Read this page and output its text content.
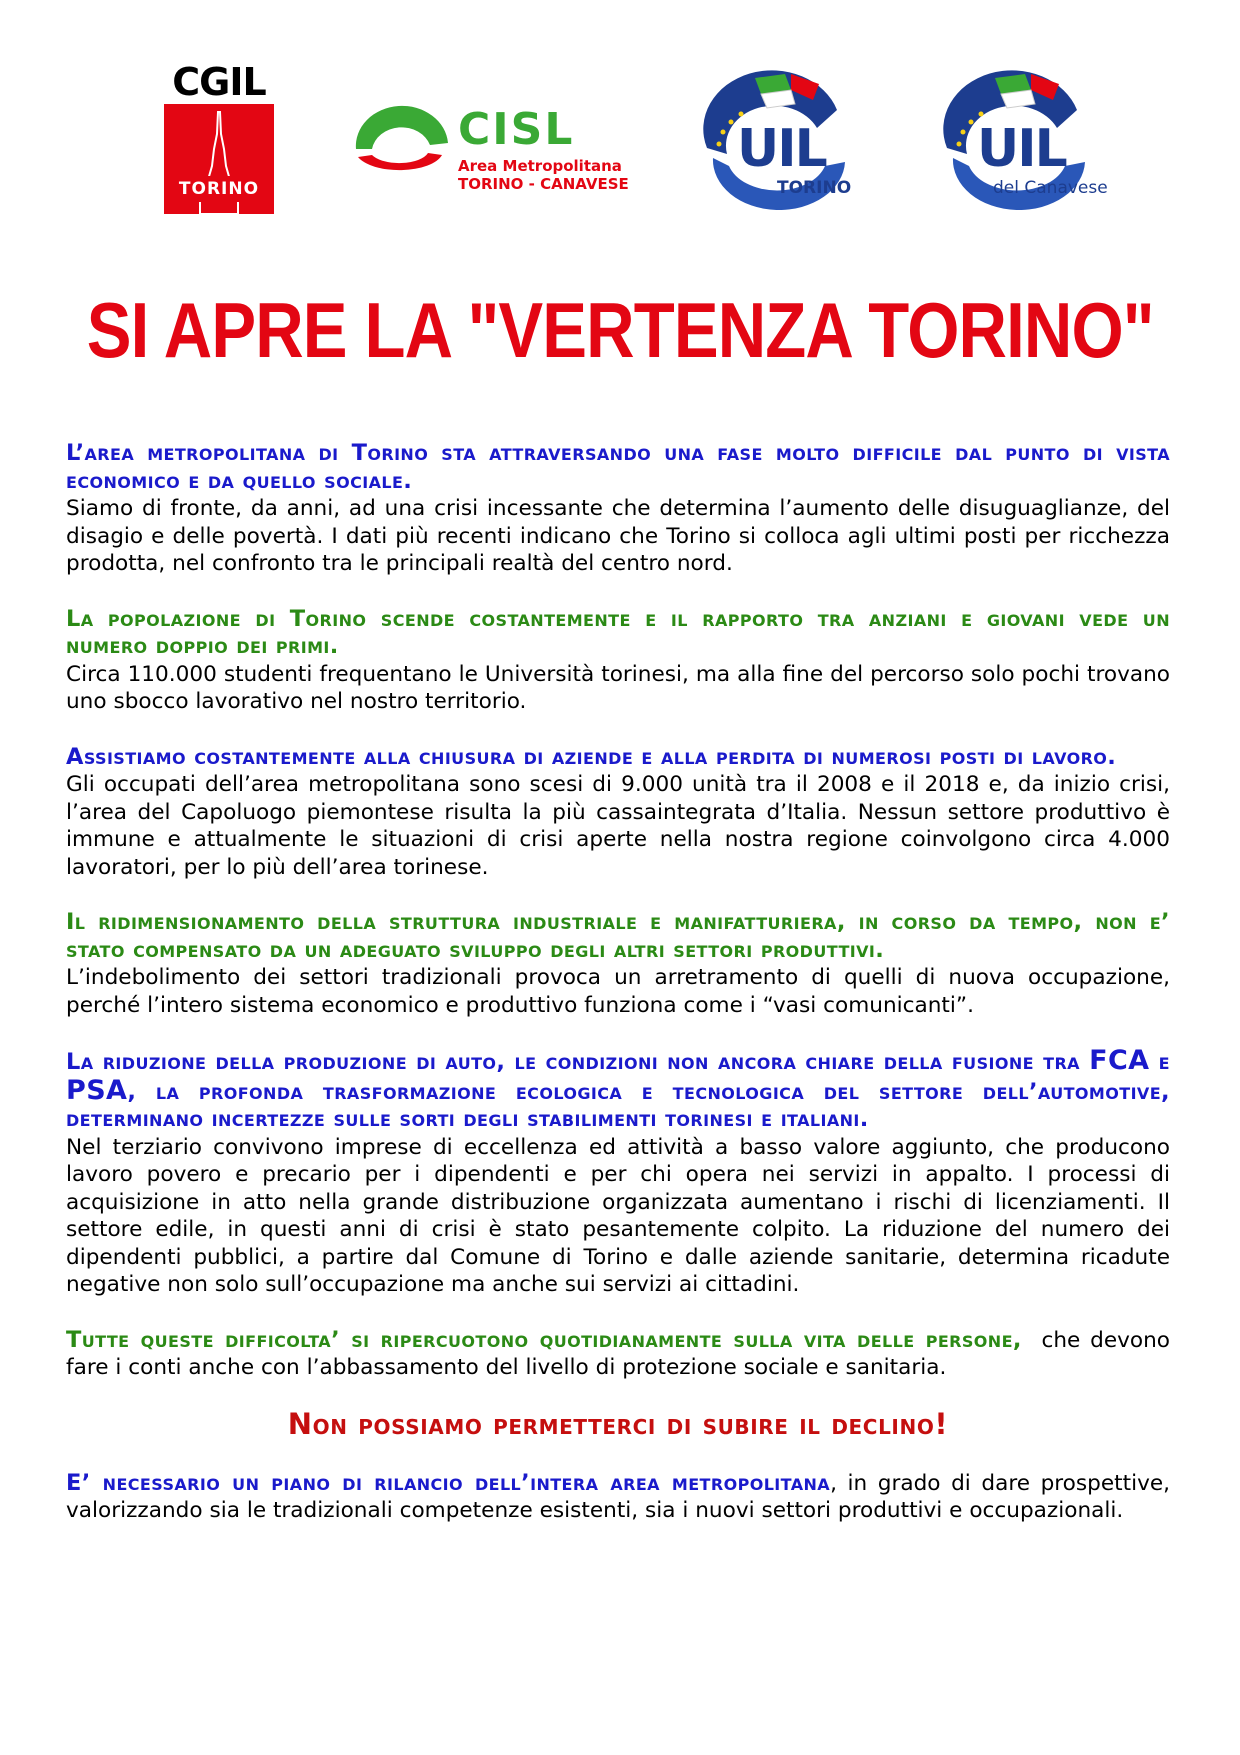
CGIL
TORINO
CISL
Area Metropolitana
TORINO - CANAVESE
UIL
TORINO
UIL
del Canavese
SI APRE LA "VERTENZA TORINO"

L’area metropolitana di Torino sta attraversando una fase molto difficile dal punto di vista economico e da quello sociale.
Siamo di fronte, da anni, ad una crisi incessante che determina l’aumento delle disuguaglianze, del disagio e delle povertà. I dati più recenti indicano che Torino si colloca agli ultimi posti per ricchezza prodotta, nel confronto tra le principali realtà del centro nord.

La popolazione di Torino scende costantemente e il rapporto tra anziani e giovani vede un numero doppio dei primi.
Circa 110.000 studenti frequentano le Università torinesi, ma alla fine del percorso solo pochi trovano uno sbocco lavorativo nel nostro territorio.

Assistiamo costantemente alla chiusura di aziende e alla perdita di numerosi posti di lavoro.
Gli occupati dell’area metropolitana sono scesi di 9.000 unità tra il 2008 e il 2018 e, da inizio crisi, l’area del Capoluogo piemontese risulta la più cassaintegrata d’Italia. Nessun settore produttivo è immune e attualmente le situazioni di crisi aperte nella nostra regione coinvolgono circa 4.000 lavoratori, per lo più dell’area torinese.

Il ridimensionamento della struttura industriale e manifatturiera, in corso da tempo, non e’ stato compensato da un adeguato sviluppo degli altri settori produttivi.
L’indebolimento dei settori tradizionali provoca un arretramento di quelli di nuova occupazione, perché l’intero sistema economico e produttivo funziona come i “vasi comunicanti”.

La riduzione della produzione di auto, le condizioni non ancora chiare della fusione tra FCA e PSA, la profonda trasformazione ecologica e tecnologica del settore dell’automotive, determinano incertezze sulle sorti degli stabilimenti torinesi e italiani.
Nel terziario convivono imprese di eccellenza ed attività a basso valore aggiunto, che producono lavoro povero e precario per i dipendenti e per chi opera nei servizi in appalto. I processi di acquisizione in atto nella grande distribuzione organizzata aumentano i rischi di licenziamenti. Il settore edile, in questi anni di crisi è stato pesantemente colpito. La riduzione del numero dei dipendenti pubblici, a partire dal Comune di Torino e dalle aziende sanitarie, determina ricadute negative non solo sull’occupazione ma anche sui servizi ai cittadini.

Tutte queste difficolta’ si ripercuotono quotidianamente sulla vita delle persone,  che devono fare i conti anche con l’abbassamento del livello di protezione sociale e sanitaria.

Non possiamo permetterci di subire il declino!

E’ necessario un piano di rilancio dell’intera area metropolitana, in grado di dare prospettive, valorizzando sia le tradizionali competenze esistenti, sia i nuovi settori produttivi e occupazionali.
